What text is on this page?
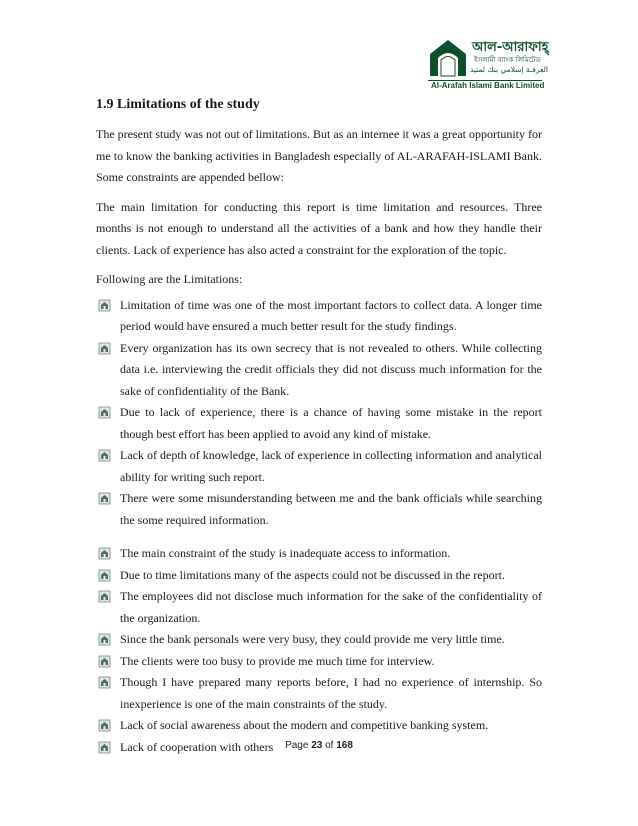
আল-আরাফাহ্
ইসলামী ব্যাংক লিমিটেড
العرفـة إسلامي بنك لمتيد
Al-Arafah Islami Bank Limited
1.9 Limitations of the study

The present study was not out of limitations. But as an internee it was a great opportunity for me to know the banking activities in Bangladesh especially of AL-ARAFAH-ISLAMI Bank. Some constraints are appended bellow:

The main limitation for conducting this report is time limitation and resources. Three months is not enough to understand all the activities of a bank and how they handle their clients. Lack of experience has also acted a constraint for the exploration of the topic.

Following are the Limitations:

Limitation of time was one of the most important factors to collect data. A longer time period would have ensured a much better result for the study findings.
Every organization has its own secrecy that is not revealed to others. While collecting data i.e. interviewing the credit officials they did not discuss much information for the sake of confidentiality of the Bank.
Due to lack of experience, there is a chance of having some mistake in the report though best effort has been applied to avoid any kind of mistake.
Lack of depth of knowledge, lack of experience in collecting information and analytical ability for writing such report.
There were some misunderstanding between me and the bank officials while searching the some required information.
The main constraint of the study is inadequate access to information.
Due to time limitations many of the aspects could not be discussed in the report.
The employees did not disclose much information for the sake of the confidentiality of the organization.
Since the bank personals were very busy, they could provide me very little time.
The clients were too busy to provide me much time for interview.
Though I have prepared many reports before, I had no experience of internship. So inexperience is one of the main constraints of the study.
Lack of social awareness about the modern and competitive banking system.
Lack of cooperation with others	Page 23 of 168
